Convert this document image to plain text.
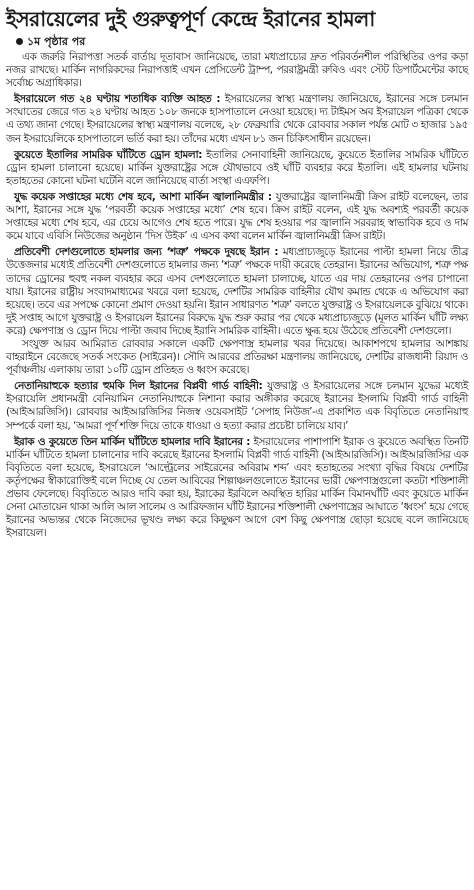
ইসরায়েলের দুই গুরুত্বপূর্ণ কেন্দ্রে ইরানের হামলা
১ম পৃষ্ঠার পর

এক জরুরি নিরাপত্তা সতর্ক বার্তায় দূতাবাস জানিয়েছে, তারা মধ্যপ্রাচ্যের দ্রুত পরিবর্তনশীল পরিস্থিতির ওপর কড়া নজর রাখছে। মার্কিন নাগরিকদের নিরাপত্তাই এখন প্রেসিডেন্ট ট্রাম্প, পররাষ্ট্রমন্ত্রী রুবিও এবং স্টেট ডিপার্টমেন্টের কাছে সর্বোচ্চ অগ্রাধিকার।

ইসরায়েলে গত ২৪ ঘণ্টায় শতাধিক ব্যক্তি আহত : ইসরায়েলের স্বাস্থ্য মন্ত্রণালয় জানিয়েছে, ইরানের সঙ্গে চলমান সংঘাতের জেরে গত ২৪ ঘণ্টায় আহত ১০৮ জনকে হাসপাতালে নেওয়া হয়েছে। দ্য টাইমস অব ইসরায়েল পত্রিকা থেকে এ তথ্য জানা গেছে। ইসরায়েলের স্বাস্থ্য মন্ত্রণালয় বলেছে, ২৮ ফেব্রুয়ারি থেকে রোববার সকাল পর্যন্ত মোট ৩ হাজার ১৯৫ জন ইসরায়েলিকে হাসপাতালে ভর্তি করা হয়। তাঁদের মধ্যে এখন ৮১ জন চিকিৎসাধীন রয়েছেন।

কুয়েতে ইতালির সামরিক ঘাঁটিতে ড্রোন হামলা: ইতালির সেনাবাহিনী জানিয়েছে, কুয়েতে ইতালির সামরিক ঘাঁটিতে ড্রোন হামলা চালানো হয়েছে। মার্কিন যুক্তরাষ্ট্রের সঙ্গে যৌথভাবে ওই ঘাঁটি ব্যবহার করে ইতালি। এই হামলার ঘটনায় হতাহতের কোনো ঘটনা ঘটেনি বলে জানিয়েছে বার্তা সংস্থা এএফপি।

যুদ্ধ কয়েক সপ্তাহের মধ্যে শেষ হবে, আশা মার্কিন জ্বালানিমন্ত্রীর : যুক্তরাষ্ট্রের জ্বালানিমন্ত্রী ক্রিস রাইট বলেছেন, তার আশা, ইরানের সঙ্গে যুদ্ধ ‘পরবর্তী কয়েক সপ্তাহের মধ্যে’ শেষ হবে। ক্রিস রাইট বলেন, এই যুদ্ধ অবশ্যই পরবর্তী কয়েক সপ্তাহের মধ্যে শেষ হবে, এর চেয়ে আগেও শেষ হতে পারে। যুদ্ধ শেষ হওয়ার পর জ্বালানি সরবরাহ স্বাভাবিক হবে ও দাম কমে যাবে এবিসি নিউজের অনুষ্ঠান ‘দিস উইক’ এ এসব কথা বলেন মার্কিন জ্বালানিমন্ত্রী ক্রিস রাইট।

প্রতিবেশী দেশগুলোতে হামলার জন্য ‘শত্রু’ পক্ষকে দুষছে ইরান : মধ্যপ্রাচ্যজুড়ে ইরানের পাল্টা হামলা নিয়ে তীব্র উত্তেজনার মধ্যেই প্রতিবেশী দেশগুলোতে হামলার জন্য ‘শত্রু’ পক্ষকে দায়ী করেছে তেহরান। ইরানের অভিযোগ, শত্রু পক্ষ তাদের ড্রোনের হুবহু নকল ব্যবহার করে এসব দেশগুলোতে হামলা চালাচ্ছে, যাতে এর দায় তেহরানের ওপর চাপানো যায়। ইরানের রাষ্ট্রীয় সংবাদমাধ্যমের খবরে বলা হয়েছে, দেশটির সামরিক বাহিনীর যৌথ কমান্ড থেকে এ অভিযোগ করা হয়েছে। তবে এর সপক্ষে কোনো প্রমাণ দেওয়া হয়নি। ইরান সাধারণত ‘শত্রু’ বলতে যুক্তরাষ্ট্র ও ইসরায়েলকে বুঝিয়ে থাকে। দুই সপ্তাহ আগে যুক্তরাষ্ট্র ও ইসরায়েল ইরানের বিরুদ্ধে যুদ্ধ শুরু করার পর থেকে মধ্যপ্রাচ্যজুড়ে (মূলত মার্কিন ঘাঁটি লক্ষ্য করে) ক্ষেপণাস্ত্র ও ড্রোন দিয়ে পাল্টা জবাব দিচ্ছে ইরানি সামরিক বাহিনী। এতে ক্ষুব্ধ হয়ে উঠেছে প্রতিবেশী দেশগুলো।

সংযুক্ত আরব আমিরাত রোববার সকালে একটি ক্ষেপণাস্ত্র হামলার খবর দিয়েছে। আকাশপথে হামলার আশঙ্কায় বাহরাইনে বেজেছে সতর্ক সংকেত (সাইরেন)। সৌদি আরবের প্রতিরক্ষা মন্ত্রণালয় জানিয়েছে, দেশটির রাজধানী রিয়াদ ও পূর্বাঞ্চলীয় এলাকায় তারা ১০টি ড্রোন প্রতিহত ও ধ্বংস করেছে।

নেতানিয়াহুকে হত্যার হুমকি দিল ইরানের বিপ্লবী গার্ড বাহিনী: যুক্তরাষ্ট্র ও ইসরায়েলের সঙ্গে চলমান যুদ্ধের মধ্যেই ইসরায়েলি প্রধানমন্ত্রী বেনিয়ামিন নেতানিয়াহুকে নিশানা করার অঙ্গীকার করেছে ইরানের ইসলামি বিপ্লবী গার্ড বাহিনী (আইআরজিসি)। রোববার আইআরজিসির নিজস্ব ওয়েবসাইট ‘সেপাহ নিউজ’-এ প্রকাশিত এক বিবৃতিতে নেতানিয়াহু সম্পর্কে বলা হয়, ‘আমরা পূর্ণ শক্তি দিয়ে তাকে ধাওয়া ও হত্যা করার প্রচেষ্টা চালিয়ে যাব।’

ইরাক ও কুয়েতে তিন মার্কিন ঘাঁটিতে হামলার দাবি ইরানের : ইসরায়েলের পাশাপাশি ইরাক ও কুয়েতে অবস্থিত তিনটি মার্কিন ঘাঁটিতে হামলা চালানোর দাবি করেছে ইরানের ইসলামি বিপ্লবী গার্ড বাহিনী (আইআরজিসি)। আইআরজিসির এক বিবৃতিতে বলা হয়েছে, ইসরায়েলে ‘আল্ট্রেলের সাইরেনের অবিরাম শব্দ’ এবং হতাহতের সংখ্যা বৃদ্ধির বিষয়ে দেশটির কর্তৃপক্ষের স্বীকারোক্তিই বলে দিচ্ছে যে তেল আবিবের শিল্পাঞ্চলগুলোতে ইরানের ভারী ক্ষেপণাস্ত্রগুলো কতটা শক্তিশালী প্রভাব ফেলেছে। বিবৃতিতে আরও দাবি করা হয়, ইরাকের ইরবিলে অবস্থিত হারির মার্কিন বিমানঘাঁটি এবং কুয়েতে মার্কিন সেনা মোতায়েন থাকা আলি আল সালেম ও আরিফজান ঘাঁটি ইরানের শক্তিশালী ক্ষেপণাস্ত্রের আঘাতে ‘ধ্বংস’ হয়ে গেছে ইরানের অভ্যন্তর থেকে নিজেদের ভূখণ্ড লক্ষ্য করে কিছুক্ষণ আগে বেশ কিছু ক্ষেপণাস্ত্র ছোড়া হয়েছে বলে জানিয়েছে ইসরায়েল।
